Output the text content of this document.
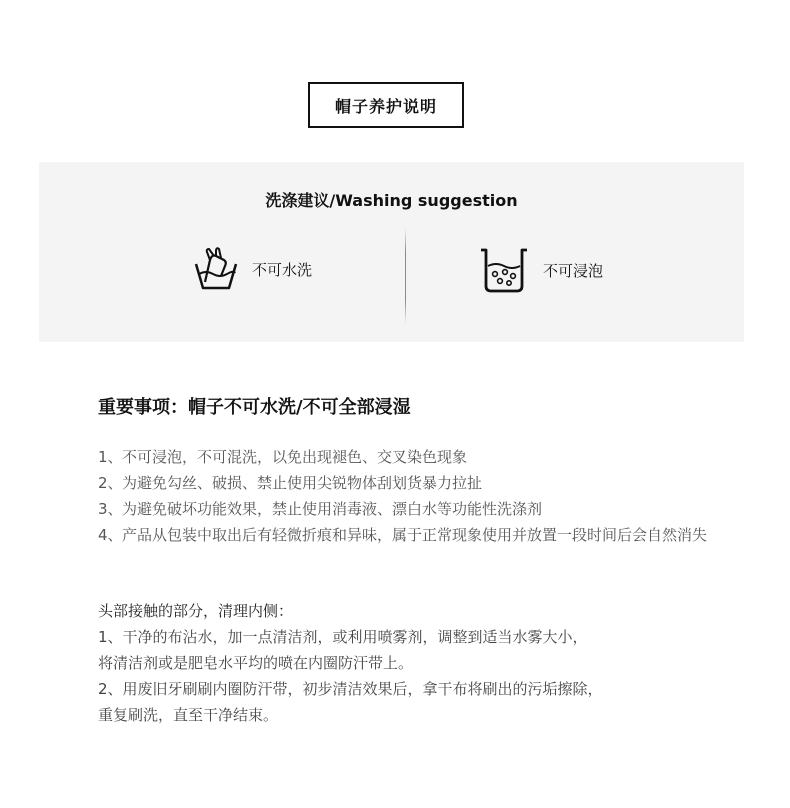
帽子养护说明
洗涤建议/Washing suggestion
不可水洗	不可浸泡
重要事项：帽子不可水洗/不可全部浸湿
1、 不可浸泡，不可混洗，以免出现褪色、交叉染色现象
2、 为避免勾丝、破损、禁止使用尖锐物体刮划货暴力拉扯
3、 为避免破坏功能效果，禁止使用消毒液、漂白水等功能性洗涤剂
4、 产品从包装中取出后有轻微折痕和异味，属于正常现象使用并放置一段时间后会自然消失
头部接触的部分，清理内侧：
1、干净的布沾水，加一点清洁剂，或利用喷雾剂，调整到适当水雾大小，
将清洁剂或是肥皂水平均的喷在内圈防汗带上。
2、用废旧牙刷刷内圈防汗带，初步清洁效果后，拿干布将刷出的污垢擦除，
重复刷洗，直至干净结束。
